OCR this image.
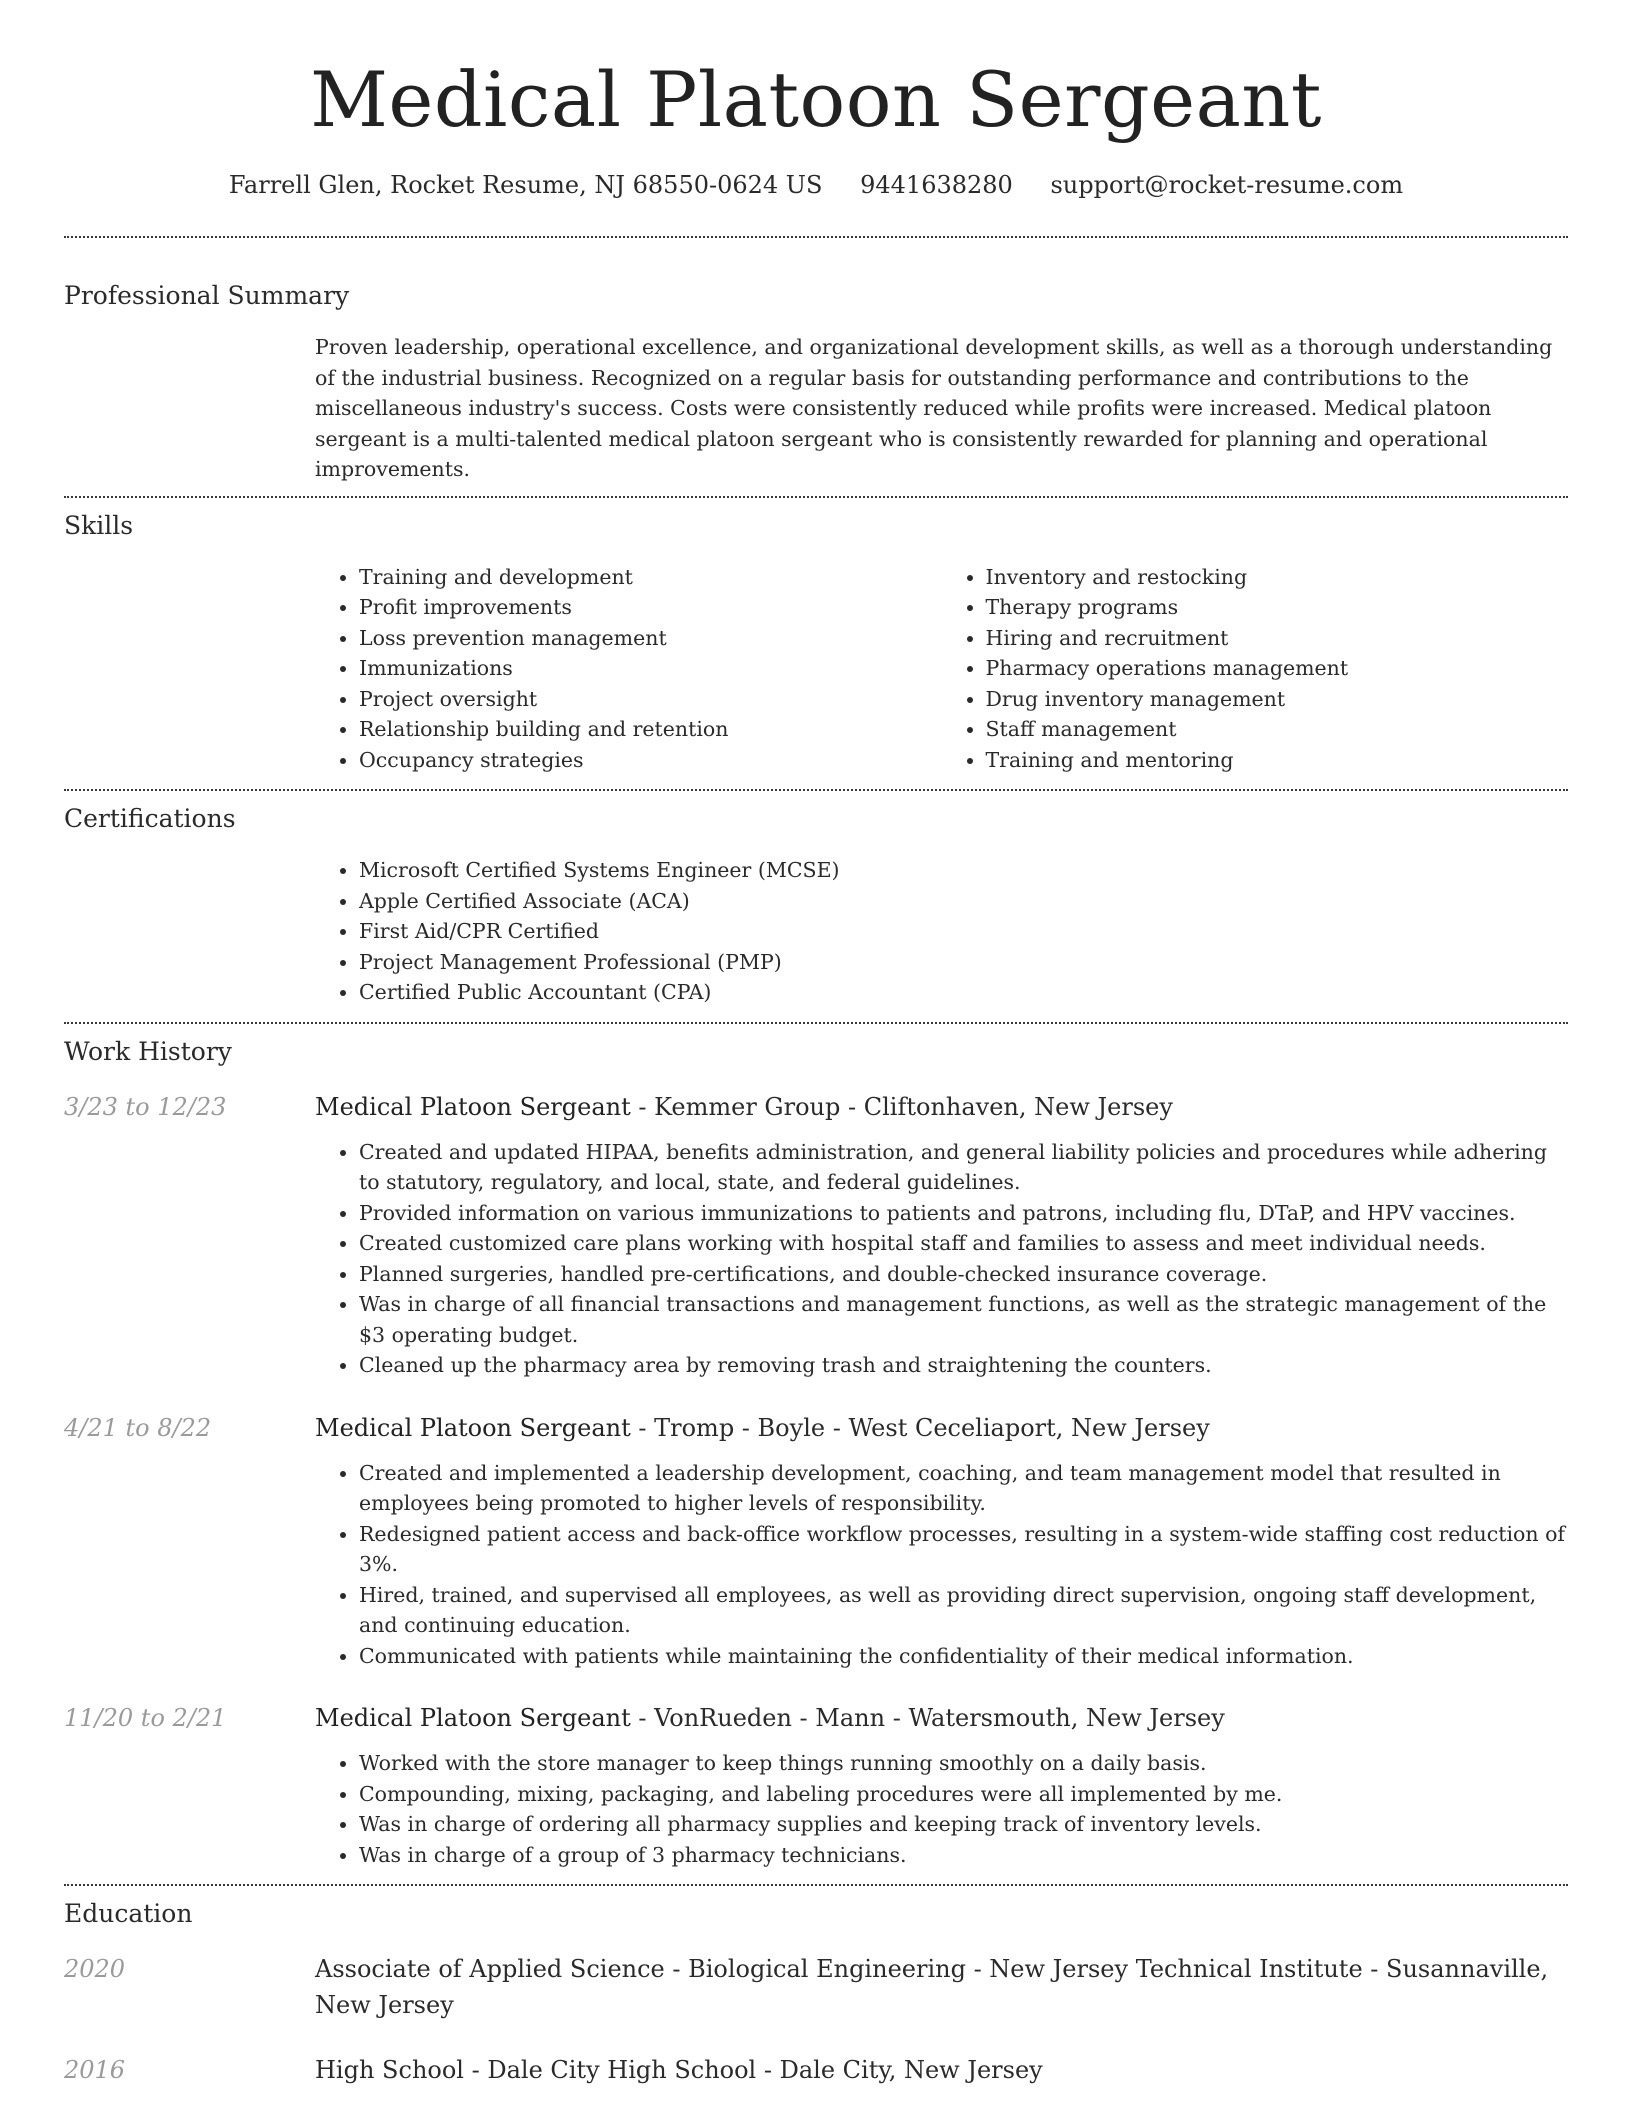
Medical Platoon Sergeant
Farrell Glen, Rocket Resume, NJ 68550-0624 US 9441638280 support@rocket-resume.com
Professional Summary

Proven leadership, operational excellence, and organizational development skills, as well as a thorough understanding of the industrial business. Recognized on a regular basis for outstanding performance and contributions to the miscellaneous industry's success. Costs were consistently reduced while profits were increased. Medical platoon sergeant is a multi-talented medical platoon sergeant who is consistently rewarded for planning and operational improvements.

Skills
• Training and development
• Profit improvements
• Loss prevention management
• Immunizations
• Project oversight
• Relationship building and retention
• Occupancy strategies
• Inventory and restocking
• Therapy programs
• Hiring and recruitment
• Pharmacy operations management
• Drug inventory management
• Staff management
• Training and mentoring
Certifications
• Microsoft Certified Systems Engineer (MCSE)
• Apple Certified Associate (ACA)
• First Aid/CPR Certified
• Project Management Professional (PMP)
• Certified Public Accountant (CPA)
Work History
3/23 to 12/23	Medical Platoon Sergeant - Kemmer Group - Cliftonhaven, New Jersey
• Created and updated HIPAA, benefits administration, and general liability policies and procedures while adhering to statutory, regulatory, and local, state, and federal guidelines.
• Provided information on various immunizations to patients and patrons, including flu, DTaP, and HPV vaccines.
• Created customized care plans working with hospital staff and families to assess and meet individual needs.
• Planned surgeries, handled pre-certifications, and double-checked insurance coverage.
• Was in charge of all financial transactions and management functions, as well as the strategic management of the $3 operating budget.
• Cleaned up the pharmacy area by removing trash and straightening the counters.
4/21 to 8/22	Medical Platoon Sergeant - Tromp - Boyle - West Ceceliaport, New Jersey
• Created and implemented a leadership development, coaching, and team management model that resulted in employees being promoted to higher levels of responsibility.
• Redesigned patient access and back-office workflow processes, resulting in a system-wide staffing cost reduction of 3%.
• Hired, trained, and supervised all employees, as well as providing direct supervision, ongoing staff development, and continuing education.
• Communicated with patients while maintaining the confidentiality of their medical information.
11/20 to 2/21	Medical Platoon Sergeant - VonRueden - Mann - Watersmouth, New Jersey
• Worked with the store manager to keep things running smoothly on a daily basis.
• Compounding, mixing, packaging, and labeling procedures were all implemented by me.
• Was in charge of ordering all pharmacy supplies and keeping track of inventory levels.
• Was in charge of a group of 3 pharmacy technicians.
Education
2020	Associate of Applied Science - Biological Engineering - New Jersey Technical Institute - Susannaville, New Jersey
2016	High School - Dale City High School - Dale City, New Jersey
